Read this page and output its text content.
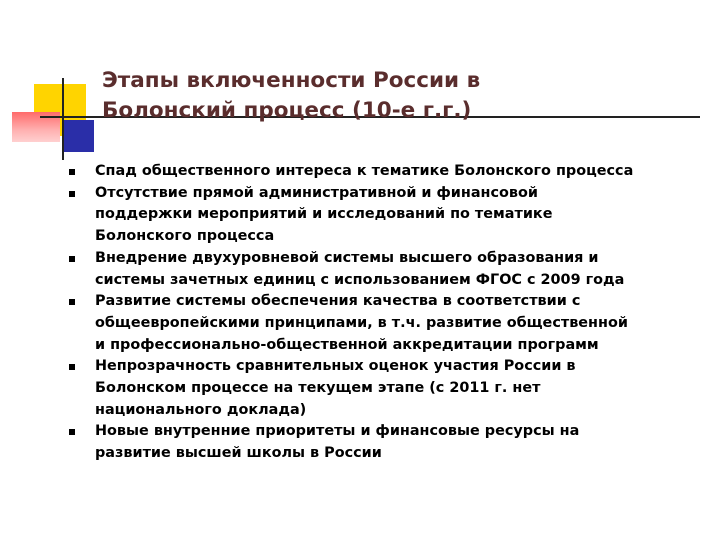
Этапы включенности России в
Болонский процесс (10-е г.г.)
Спад общественного интереса к тематике Болонского процесса
Отсутствие прямой административной и финансовой
поддержки мероприятий и исследований по тематике
Болонского процесса
Внедрение двухуровневой системы высшего образования и
системы зачетных единиц с использованием ФГОС с 2009 года
Развитие системы обеспечения качества в соответствии с
общеевропейскими принципами, в т.ч. развитие общественной
и профессионально-общественной аккредитации программ
Непрозрачность сравнительных оценок участия России в
Болонском процессе на текущем этапе (с 2011 г. нет
национального доклада)
Новые внутренние приоритеты и финансовые ресурсы на
развитие высшей школы в России
